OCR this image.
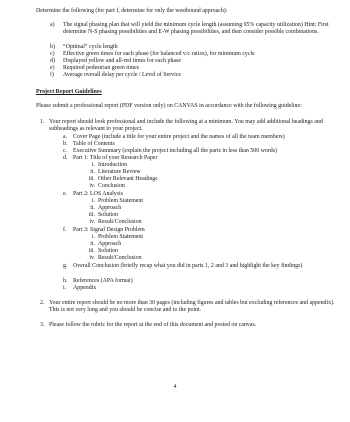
Determine the following (for part f, determine for only the westbound approach):
a)	The signal phasing plan that will yield the minimum cycle length (assuming 95% capacity utilization) Hint: First determine N-S phasing possibilities and E-W phasing possibilities, and then consider possible combinations.
b)	“Optimal” cycle length
c)	Effective green times for each phase (for balanced v/c ratios), for minimum cycle
d)	Displayed yellow and all-red times for each phase
e)	Required pedestrian green times
f)	Average overall delay per cycle / Level of Service
Project Report Guidelines
Please submit a professional report (PDF version only) on CANVAS in accordance with the following guideline:
1. Your report should look professional and include the following at a minimum. You may add additional headings and subheadings as relevant to your project.
a.	Cover Page (include a title for your entire project and the names of all the team members)
b. Table of Contents
c.	Executive Summary (explain the project including all the parts in less than 500 words)
d. Part 1: Title of your Research Paper
i. Introduction
ii. Literature Review
iii. Other Relevant Headings
iv. Conclusion
e.	Part 2: LOS Analysis
i. Problem Statement
ii. Approach
iii. Solution
iv. Result/Conclusion
f.	Part 3: Signal Design Problem
i. Problem Statement
ii. Approach
iii. Solution
iv. Result/Conclusion
g. Overall Conclusion (briefly recap what you did in parts 1, 2 and 3 and highlight the key findings)
h. References (APA format)
i.	Appendix
2. Your entire report should be no more than 30 pages (including figures and tables but excluding references and appendix). This is not very long and you should be concise and to the point.
3. Please follow the rubric for the report at the end of this document and posted on canvas.
4
